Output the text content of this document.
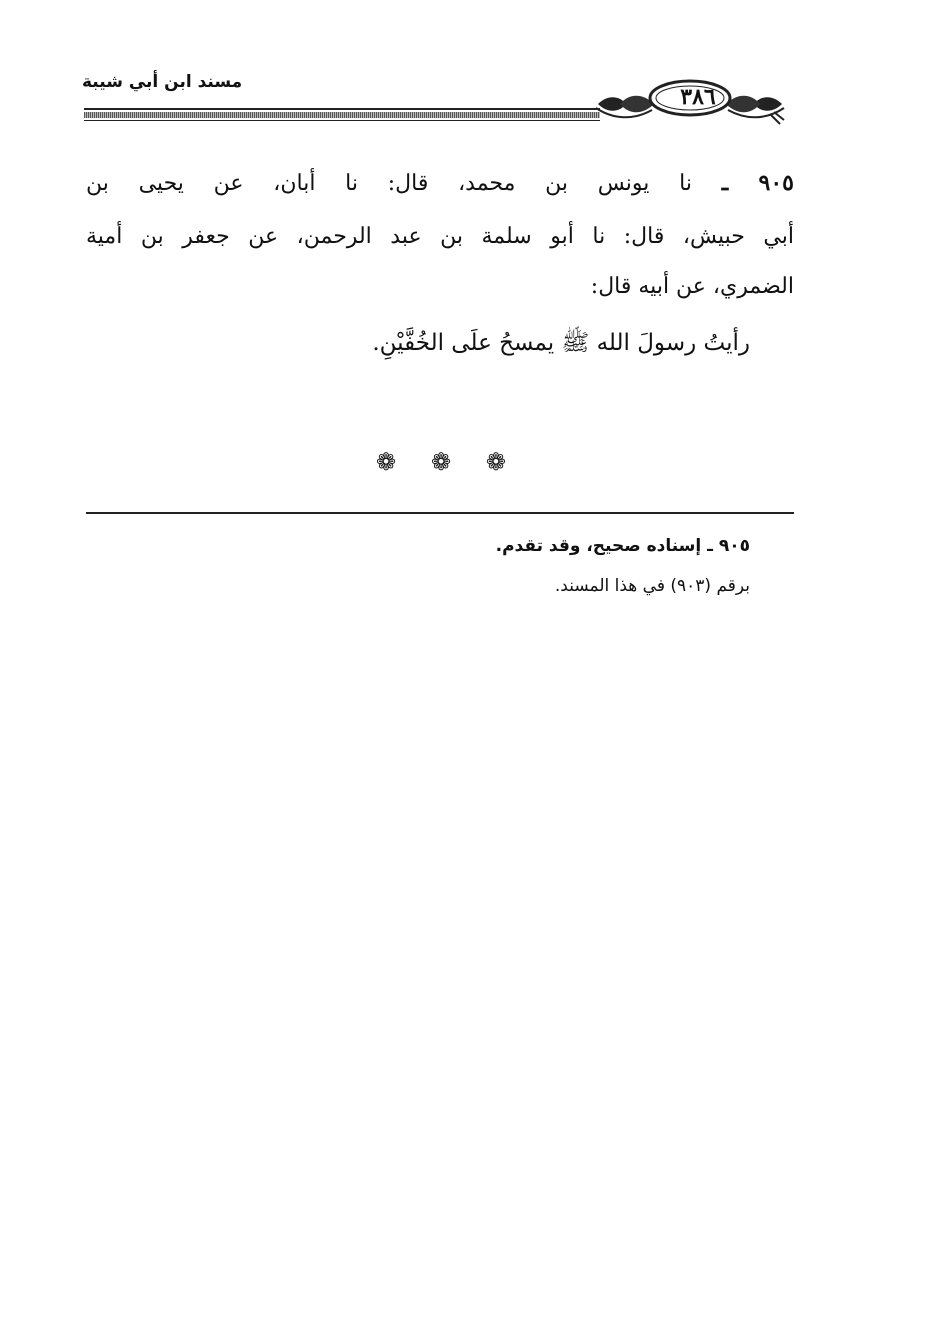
مسند ابن أبي شيبة
٣٨٦
٩٠٥ ـ نا يونس بن محمد، قال: نا أبان، عن يحيى بن
أبي حبيش، قال: نا أبو سلمة بن عبد الرحمن، عن جعفر بن أمية
الضمري، عن أبيه قال:
رأيتُ رسولَ الله ﷺ يمسحُ علَى الخُفَّيْنِ.
❁ ❁ ❁
٩٠٥ ـ إسناده صحيح، وقد تقدم.
برقم (٩٠٣) في هذا المسند.
